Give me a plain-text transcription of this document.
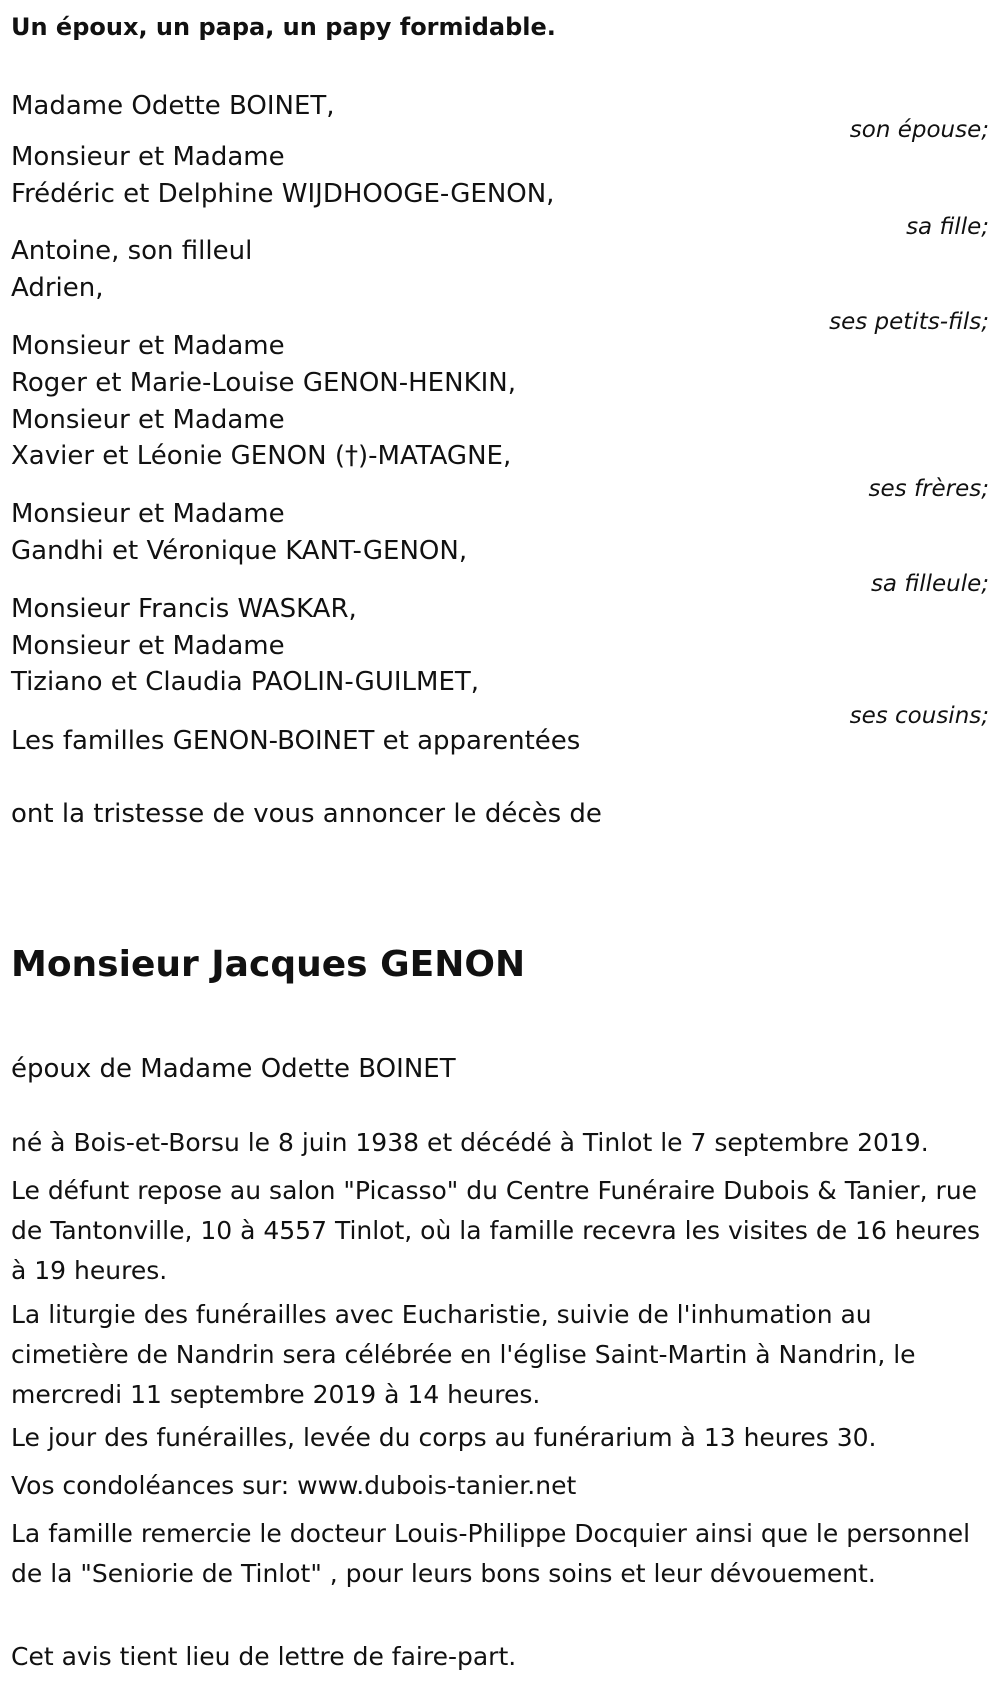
Un époux, un papa, un papy formidable.
Madame Odette BOINET,
son épouse;
Monsieur et Madame
Frédéric et Delphine WIJDHOOGE-GENON,
sa fille;
Antoine, son filleul
Adrien,
ses petits-fils;
Monsieur et Madame
Roger et Marie-Louise GENON-HENKIN,
Monsieur et Madame
Xavier et Léonie GENON (†)-MATAGNE,
ses frères;
Monsieur et Madame
Gandhi et Véronique KANT-GENON,
sa filleule;
Monsieur Francis WASKAR,
Monsieur et Madame
Tiziano et Claudia PAOLIN-GUILMET,
ses cousins;
Les familles GENON-BOINET et apparentées
ont la tristesse de vous annoncer le décès de
Monsieur Jacques GENON
époux de Madame Odette BOINET
né à Bois-et-Borsu le 8 juin 1938 et décédé à Tinlot le 7 septembre 2019.
Le défunt repose au salon "Picasso" du Centre Funéraire Dubois & Tanier, rue de Tantonville, 10 à 4557 Tinlot, où la famille recevra les visites de 16 heures à 19 heures.
La liturgie des funérailles avec Eucharistie, suivie de l'inhumation au cimetière de Nandrin sera célébrée en l'église Saint-Martin à Nandrin, le mercredi 11 septembre 2019 à 14 heures.
Le jour des funérailles, levée du corps au funérarium à 13 heures 30.
Vos condoléances sur: www.dubois-tanier.net
La famille remercie le docteur Louis-Philippe Docquier ainsi que le personnel de la "Seniorie de Tinlot" , pour leurs bons soins et leur dévouement.
Cet avis tient lieu de lettre de faire-part.
